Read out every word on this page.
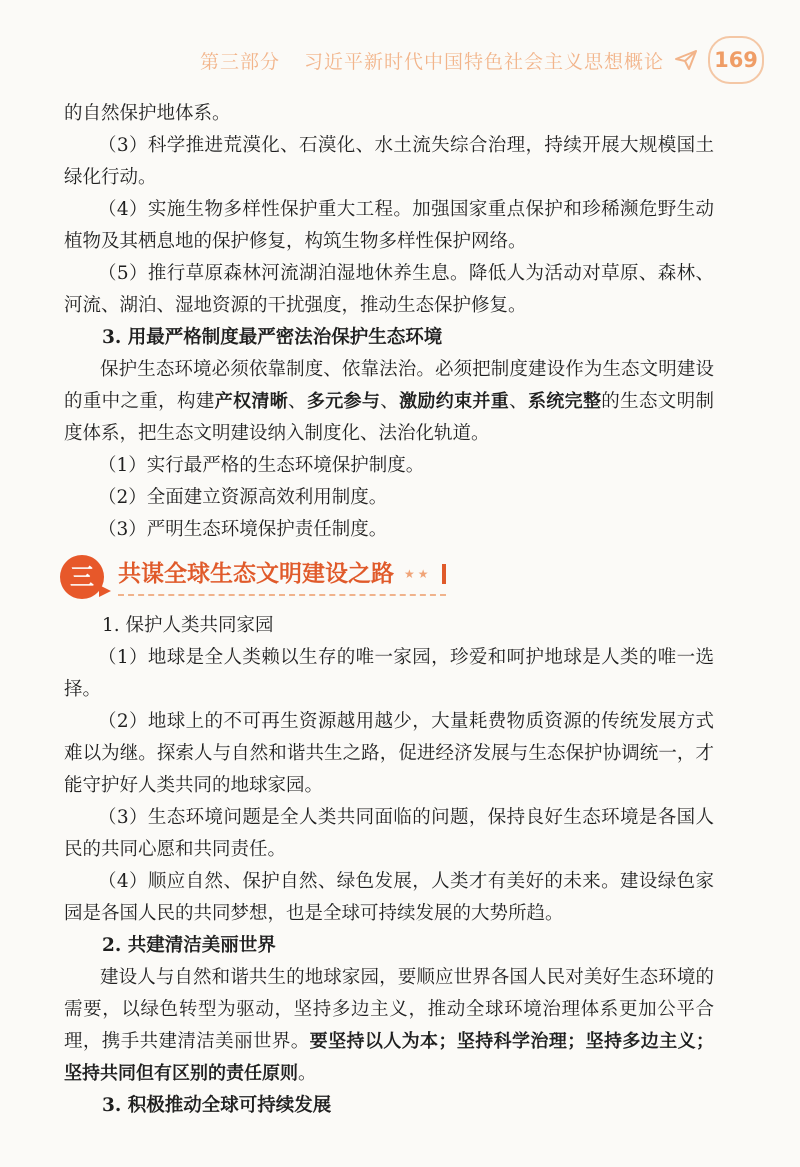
第三部分 习近平新时代中国特色社会主义思想概论 169

的自然保护地体系。

（3）科学推进荒漠化、石漠化、水土流失综合治理，持续开展大规模国土绿化行动。

（4）实施生物多样性保护重大工程。加强国家重点保护和珍稀濒危野生动植物及其栖息地的保护修复，构筑生物多样性保护网络。

（5）推行草原森林河流湖泊湿地休养生息。降低人为活动对草原、森林、河流、湖泊、湿地资源的干扰强度，推动生态保护修复。

3. 用最严格制度最严密法治保护生态环境

保护生态环境必须依靠制度、依靠法治。必须把制度建设作为生态文明建设的重中之重，构建产权清晰、多元参与、激励约束并重、系统完整的生态文明制度体系，把生态文明建设纳入制度化、法治化轨道。

（1）实行最严格的生态环境保护制度。

（2）全面建立资源高效利用制度。

（3）严明生态环境保护责任制度。

三	共谋全球生态文明建设之路 ★★

1. 保护人类共同家园

（1）地球是全人类赖以生存的唯一家园，珍爱和呵护地球是人类的唯一选择。

（2）地球上的不可再生资源越用越少，大量耗费物质资源的传统发展方式难以为继。探索人与自然和谐共生之路，促进经济发展与生态保护协调统一，才能守护好人类共同的地球家园。

（3）生态环境问题是全人类共同面临的问题，保持良好生态环境是各国人民的共同心愿和共同责任。

（4）顺应自然、保护自然、绿色发展，人类才有美好的未来。建设绿色家园是各国人民的共同梦想，也是全球可持续发展的大势所趋。

2. 共建清洁美丽世界

建设人与自然和谐共生的地球家园，要顺应世界各国人民对美好生态环境的需要，以绿色转型为驱动，坚持多边主义，推动全球环境治理体系更加公平合理，携手共建清洁美丽世界。要坚持以人为本；坚持科学治理；坚持多边主义；坚持共同但有区别的责任原则。

3. 积极推动全球可持续发展
